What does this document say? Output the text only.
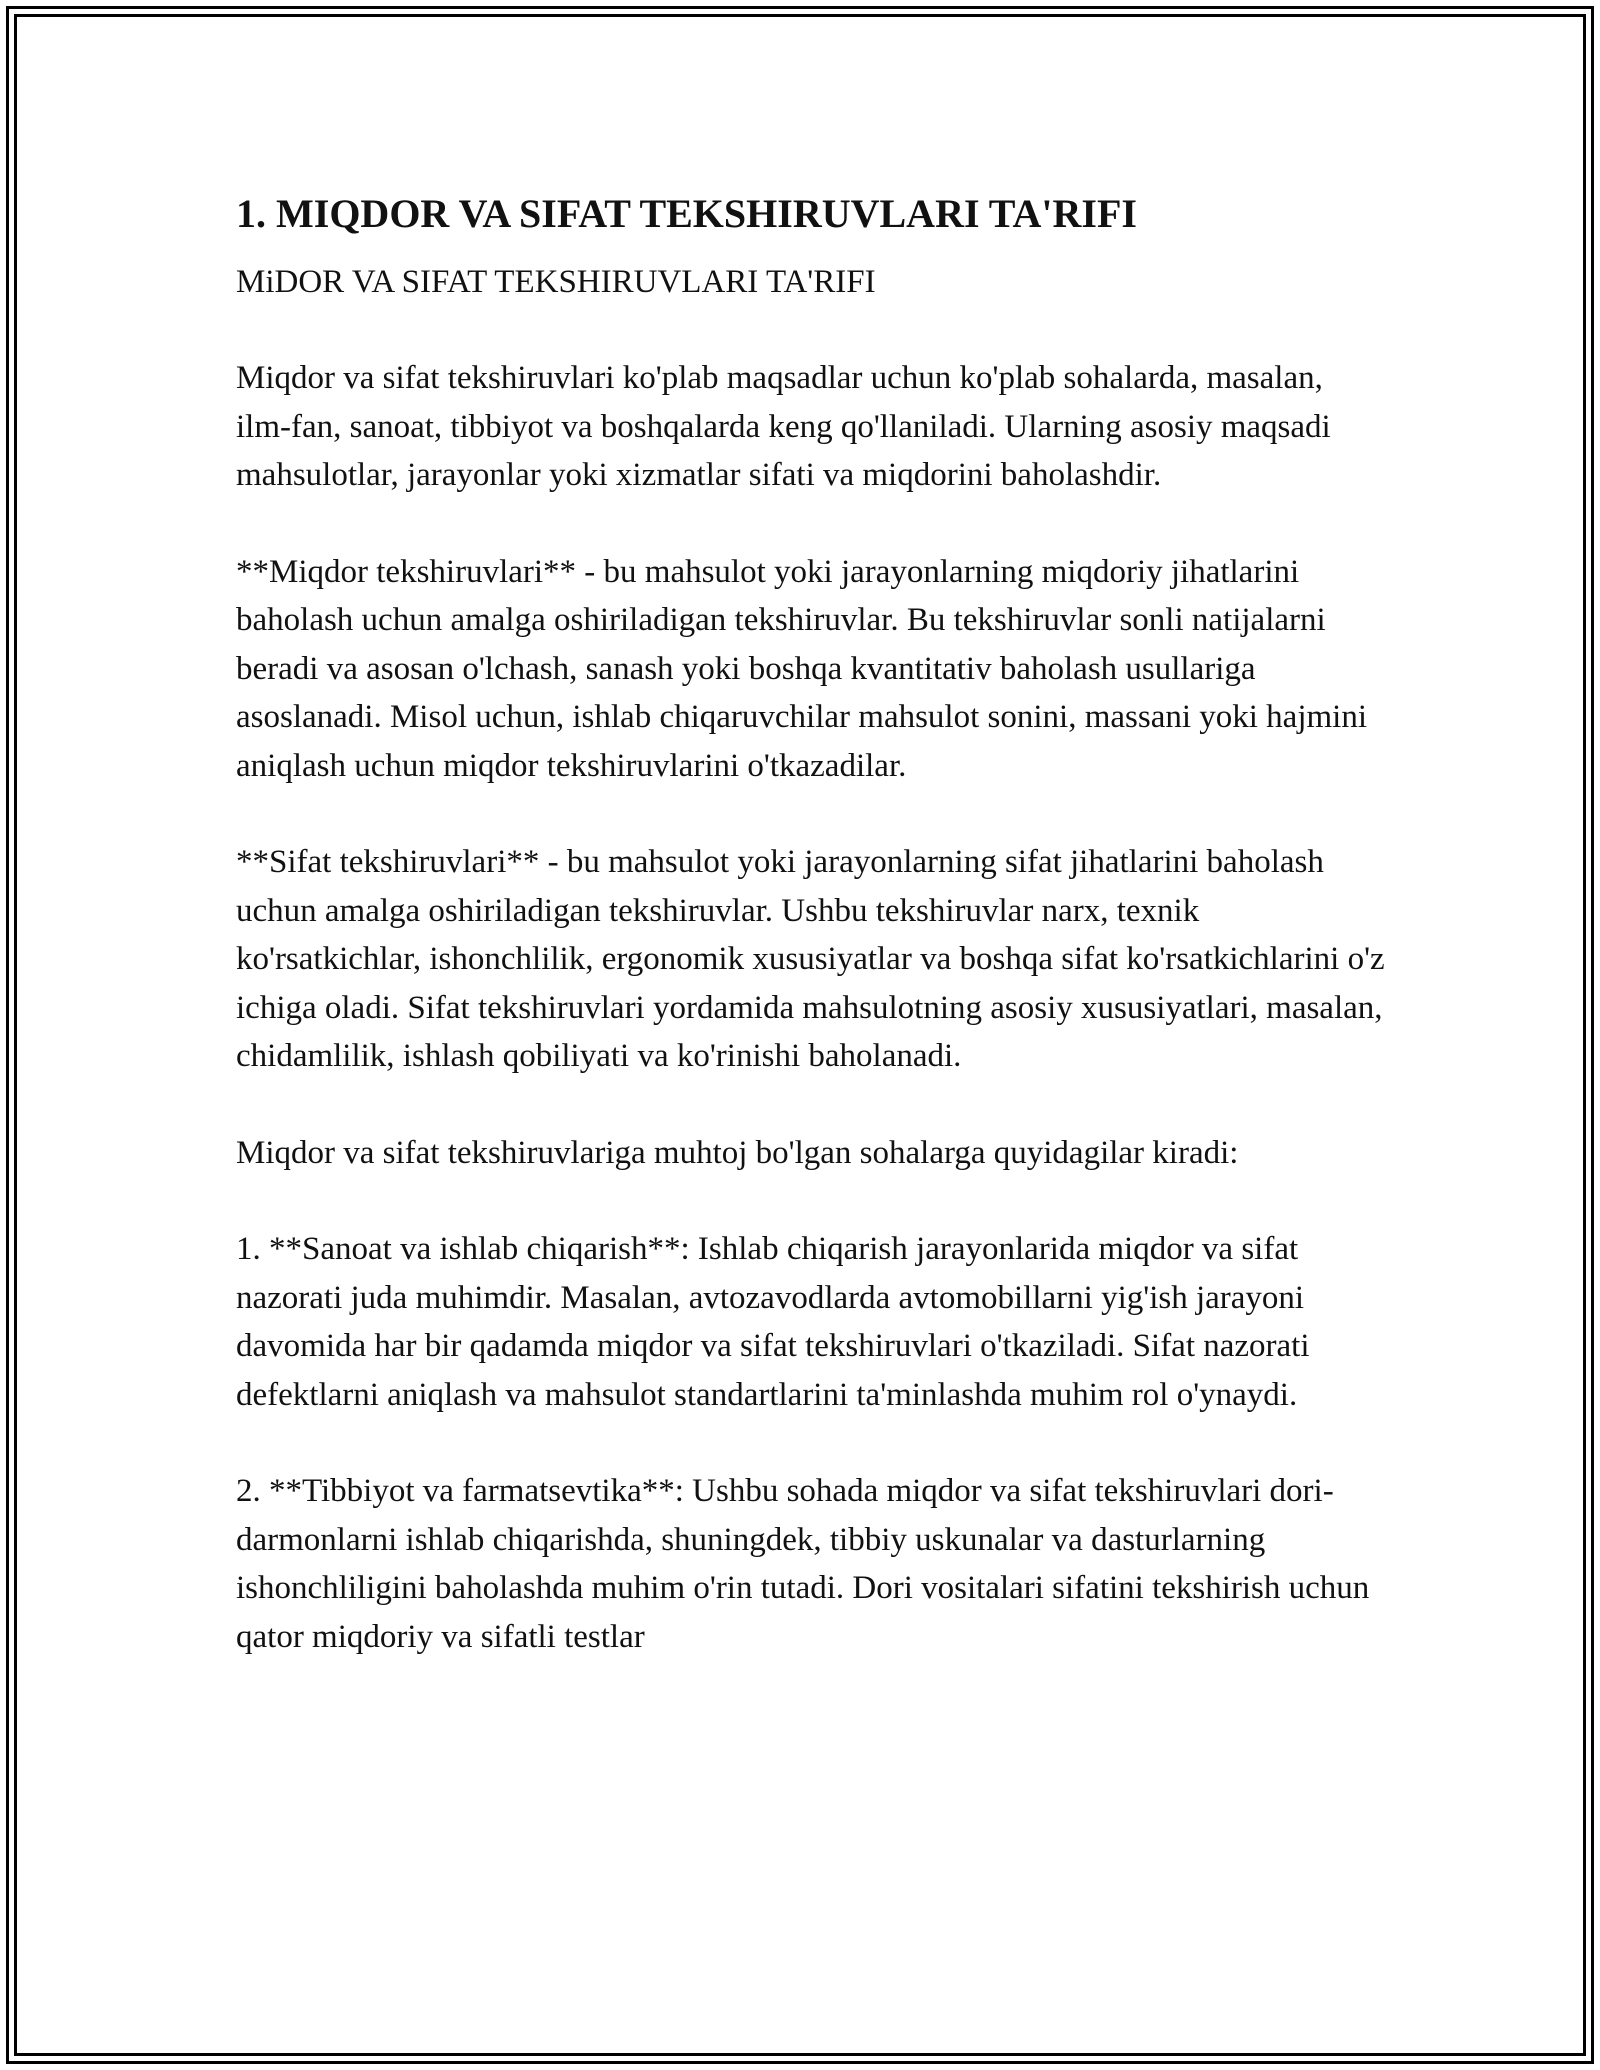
1. MIQDOR VA SIFAT TEKSHIRUVLARI TA'RIFI

MiDOR VA SIFAT TEKSHIRUVLARI TA'RIFI

Miqdor va sifat tekshiruvlari ko'plab maqsadlar uchun ko'plab sohalarda, masalan, ilm-fan, sanoat, tibbiyot va boshqalarda keng qo'llaniladi. Ularning asosiy maqsadi mahsulotlar, jarayonlar yoki xizmatlar sifati va miqdorini baholashdir.

**Miqdor tekshiruvlari** - bu mahsulot yoki jarayonlarning miqdoriy jihatlarini baholash uchun amalga oshiriladigan tekshiruvlar. Bu tekshiruvlar sonli natijalarni beradi va asosan o'lchash, sanash yoki boshqa kvantitativ baholash usullariga asoslanadi. Misol uchun, ishlab chiqaruvchilar mahsulot sonini, massani yoki hajmini aniqlash uchun miqdor tekshiruvlarini o'tkazadilar.

**Sifat tekshiruvlari** - bu mahsulot yoki jarayonlarning sifat jihatlarini baholash uchun amalga oshiriladigan tekshiruvlar. Ushbu tekshiruvlar narx, texnik ko'rsatkichlar, ishonchlilik, ergonomik xususiyatlar va boshqa sifat ko'rsatkichlarini o'z ichiga oladi. Sifat tekshiruvlari yordamida mahsulotning asosiy xususiyatlari, masalan, chidamlilik, ishlash qobiliyati va ko'rinishi baholanadi.

Miqdor va sifat tekshiruvlariga muhtoj bo'lgan sohalarga quyidagilar kiradi:

1. **Sanoat va ishlab chiqarish**: Ishlab chiqarish jarayonlarida miqdor va sifat nazorati juda muhimdir. Masalan, avtozavodlarda avtomobillarni yig'ish jarayoni davomida har bir qadamda miqdor va sifat tekshiruvlari o'tkaziladi. Sifat nazorati defektlarni aniqlash va mahsulot standartlarini ta'minlashda muhim rol o'ynaydi.

2. **Tibbiyot va farmatsevtika**: Ushbu sohada miqdor va sifat tekshiruvlari dori-darmonlarni ishlab chiqarishda, shuningdek, tibbiy uskunalar va dasturlarning ishonchliligini baholashda muhim o'rin tutadi. Dori vositalari sifatini tekshirish uchun qator miqdoriy va sifatli testlar
